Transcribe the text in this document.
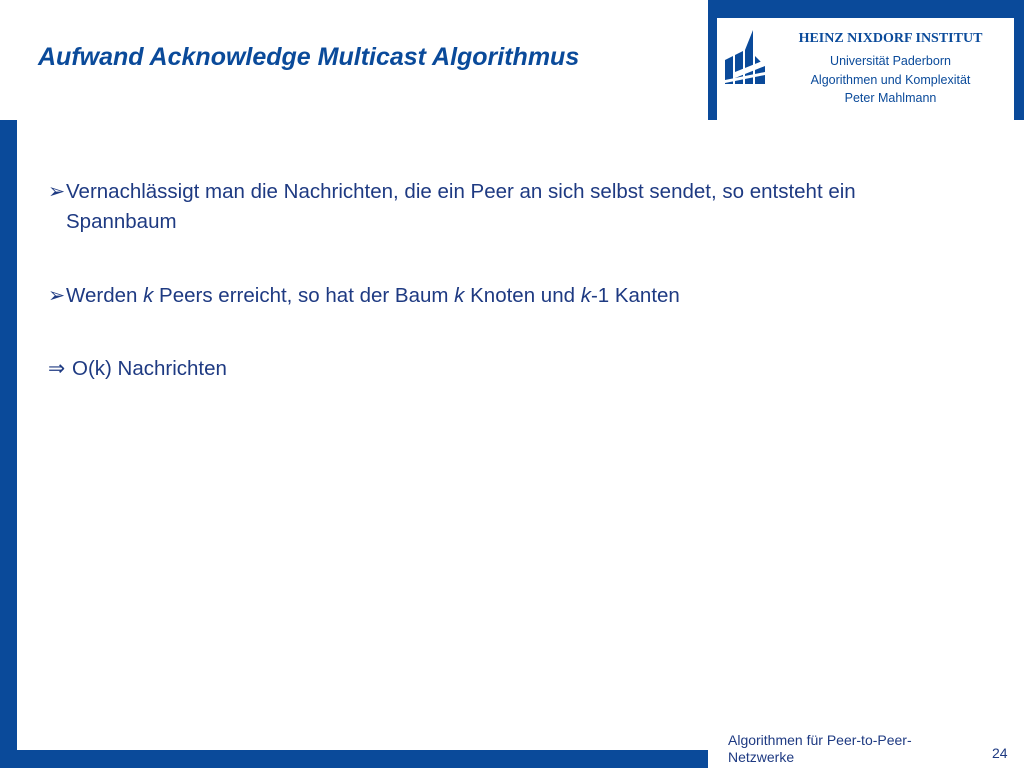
HEINZ NIXDORF INSTITUT
Universität Paderborn
Algorithmen und Komplexität
Peter Mahlmann
Aufwand Acknowledge Multicast Algorithmus
➢ Vernachlässigt man die Nachrichten, die ein Peer an sich selbst sendet, so entsteht ein Spannbaum
➢ Werden k Peers erreicht, so hat der Baum k Knoten und k-1 Kanten
⇒ O(k) Nachrichten
Algorithmen für Peer-to-Peer-Netzwerke	24
